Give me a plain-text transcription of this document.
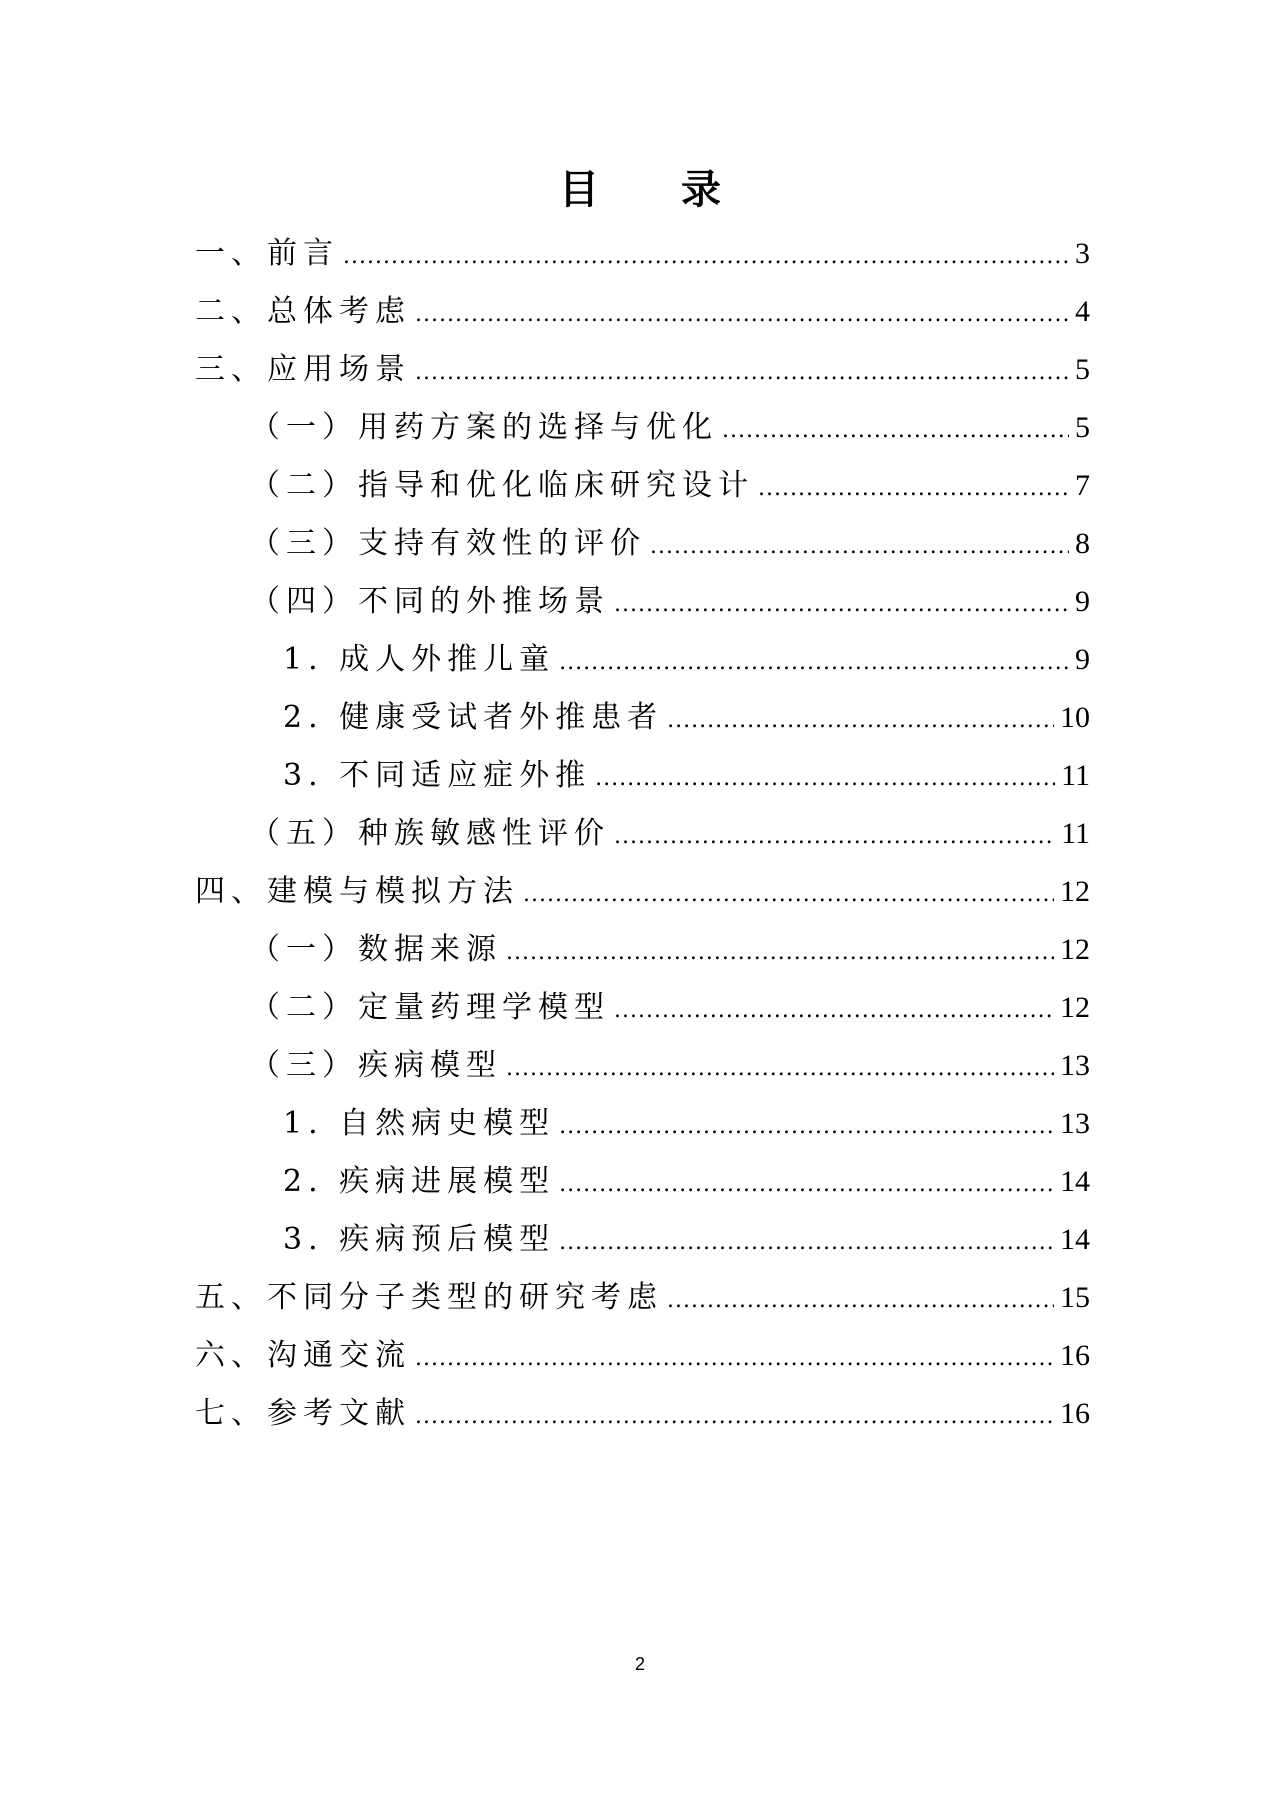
目 录
一、前言 .....	3
二、总体考虑 .....	4
三、应用场景 .....	5
（一）用药方案的选择与优化 .....	5
（二）指导和优化临床研究设计 .....	7
（三）支持有效性的评价 .....	8
（四）不同的外推场景 .....	9
1. 成人外推儿童 .....	9
2. 健康受试者外推患者 .....	10
3. 不同适应症外推 .....	11
（五）种族敏感性评价 .....	11
四、建模与模拟方法 .....	12
（一）数据来源 .....	12
（二）定量药理学模型 .....	12
（三）疾病模型 .....	13
1. 自然病史模型 .....	13
2. 疾病进展模型 .....	14
3. 疾病预后模型 .....	14
五、不同分子类型的研究考虑 .....	15
六、沟通交流 .....	16
七、参考文献 .....	16
2
